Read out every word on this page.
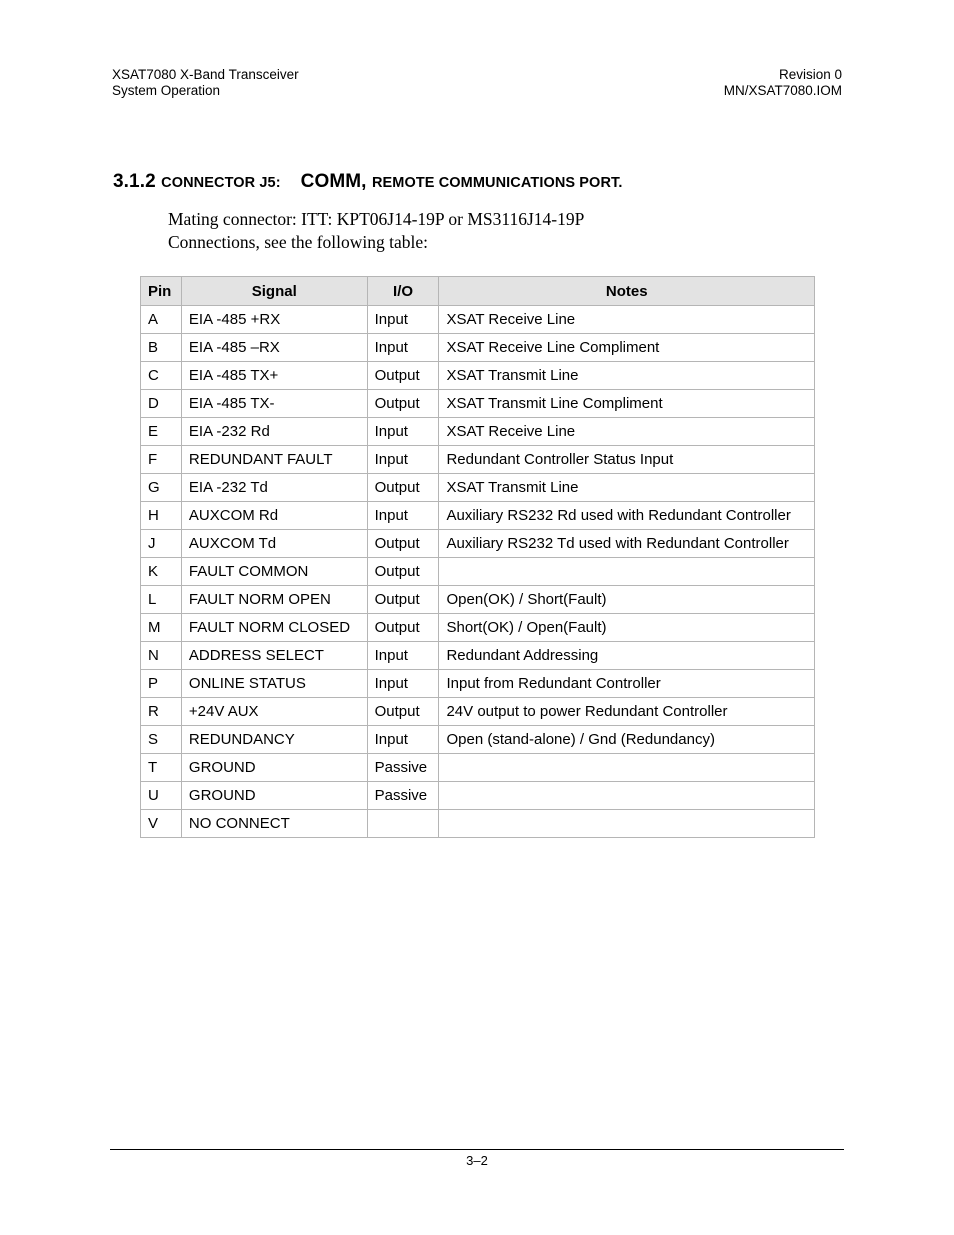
XSAT7080 X-Band Transceiver
System Operation
Revision 0
MN/XSAT7080.IOM
3.1.2 CONNECTOR J5: COMM, REMOTE COMMUNICATIONS PORT.
Mating connector: ITT: KPT06J14-19P or MS3116J14-19P
Connections, see the following table:
Pin	Signal	I/O	Notes
A	EIA -485 +RX	Input	XSAT Receive Line
B	EIA -485 –RX	Input	XSAT Receive Line Compliment
C	EIA -485 TX+	Output	XSAT Transmit Line
D	EIA -485 TX-	Output	XSAT Transmit Line Compliment
E	EIA -232 Rd	Input	XSAT Receive Line
F	REDUNDANT FAULT	Input	Redundant Controller Status Input
G	EIA -232 Td	Output	XSAT Transmit Line
H	AUXCOM Rd	Input	Auxiliary RS232 Rd used with Redundant Controller
J	AUXCOM Td	Output	Auxiliary RS232 Td used with Redundant Controller
K	FAULT COMMON	Output	
L	FAULT NORM OPEN	Output	Open(OK) / Short(Fault)
M	FAULT NORM CLOSED	Output	Short(OK) / Open(Fault)
N	ADDRESS SELECT	Input	Redundant Addressing
P	ONLINE STATUS	Input	Input from Redundant Controller
R	+24V AUX	Output	24V output to power Redundant Controller
S	REDUNDANCY	Input	Open (stand-alone) / Gnd (Redundancy)
T	GROUND	Passive	
U	GROUND	Passive	
V	NO CONNECT		
3–2
